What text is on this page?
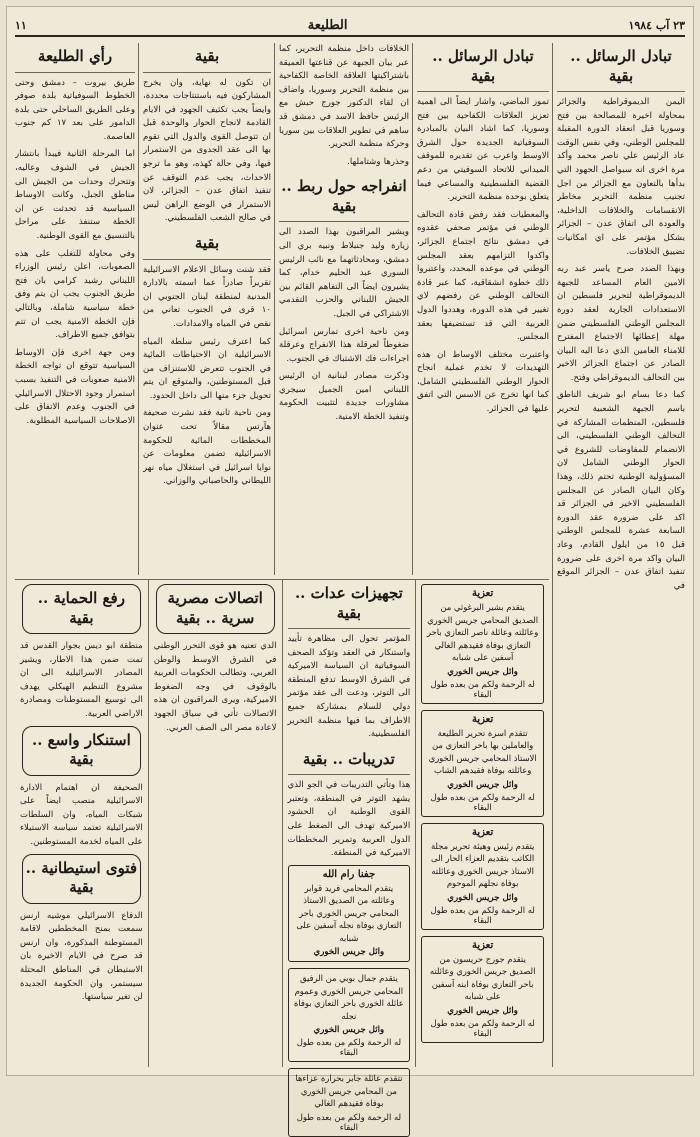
٢٣ آب ١٩٨٤
الطليعة
١١
تبادل الرسائل .. بقية

اليمن الديموقراطية والجزائر بمحاولة اخيرة للمصالحة بين فتح وسوريا قبل انعقاد الدورة المقبلة للمجلس الوطني، وفي نفس الوقت عاد الرئيس علي ناصر محمد وأكد مرة اخرى انه سيواصل الجهود التي بدأها بالتعاون مع الجزائر من اجل تجنيب منظمة التحرير مخاطر الانقسامات والخلافات الداخلية، والعودة الى اتفاق عدن – الجزائر بشكل مؤتمر على اي امكانيات تضييق الخلافات.

وبهذا الصدد صرح ياسر عبد ربه الامين العام المساعد للجبهة الديموقراطية لتحرير فلسطين ان الاستعدادات الجارية لعقد دورة المجلس الوطني الفلسطيني ضمن مهلة إعطائها الاجتماع المفترح للامناء العامين الذي دعا اليه البيان الصادر عن اجتماع الجزائر الاخير بين التحالف الديموقراطي وفتح.

كما دعا بسام ابو شريف الناطق باسم الجبهة الشعبية لتحرير فلسطين، المنظمات المشاركة في التحالف الوطني الفلسطيني، الى الانضمام للمفاوضات للشروع في الحوار الوطني الشامل لان المسؤولية الوطنية تحتم ذلك، وهذا وكان البيان الصادر عن المجلس الفلسطيني الاخير في الجزائر قد اكد على ضرورة عقد الدورة السابعة عشرة للمجلس الوطني قبل ١٥ من ايلول القادم، وعاد البيان واكد مرة اخرى على ضرورة تنفيذ اتفاق عدن – الجزائر الموقع في

تبادل الرسائل .. بقية

تموز الماضي، واشار ايضاً الى اهمية تعزيز العلاقات الكفاحية بين فتح وسوريا، كما اشاد البيان بالمبادرة السوفياتية الجديدة حول الشرق الاوسط واعرب عن تقديره للموقف الميداني للاتحاد السوفيتي من دعم القضية الفلسطينية والمساعي فيما يتعلق بوحدة منظمة التحرير.

والمعطيات فقد رفض قادة التحالف الوطني في مؤتمر صحفي عقدوه في دمشق نتائج اجتماع الجزائر، واكدوا التزامهم بعقد المجلس الوطني في موعده المحدد، واعتبروا ذلك خطوة انشقاقية، كما عبر قادة التحالف الوطني عن رفضهم لاي تغيير في هذه الدورة، وهددوا الدول العربية التي قد تستضيفها بعقد المجلس.

واعتبرت مختلف الاوساط ان هذه التهديدات لا تخدم عملية انجاح الحوار الوطني الفلسطيني الشامل، كما انها تخرج عن الاسس التي اتفق عليها في الجزائر.

الخلافات داخل منظمة التحرير، كما عبر بيان الجبهة عن قناعتها العميقة باشتراكيتها العلاقة الخاصة الكفاحية بين منظمة التحرير وسوريا، واضاف ان لقاء الدكتور جورج حبش مع الرئيس حافظ الاسد في دمشق قد ساهم في تطوير العلاقات بين سوريا وحركة منظمة التحرير.

وحذرها وشتاملها.

انفراجه حول ربط .. بقية

ويشير المراقبون بهذا الصدد الى زيارة وليد جنبلاط ونبيه بري الى دمشق، ومحادثاتهما مع نائب الرئيس السوري عبد الحليم خدام، كما يشيرون ايضاً الى التفاهم القائم بين الجيش اللبناني والحزب التقدمي الاشتراكي في الجبل.

ومن ناحية اخرى تمارس اسرائيل ضغوطاً لعرقلة هذا الانفراج وعرقلة اجراءات فك الاشتباك في الجنوب.

وذكرت مصادر لبنانية ان الرئيس اللبناني امين الجميل سيجري مشاورات جديدة لتثبيت الحكومة وتنفيذ الخطة الامنية.

بقية

ان تكون له نهاية، وان يخرج المشاركون فيه باستنتاجات محددة، وايضاً يجب تكثيف الجهود في الايام القادمة لانجاح الحوار والوحدة قبل ان تتوصل القوى والدول التي تقوم بها الى عقد الجدوى من الاستمرار فيها، وفي حالة كهذه، وهو ما ترجو الاحداث، يجب عدم التوقف عن تنفيذ اتفاق عدن – الجزائر، لان الاستمرار في الوضع الراهن ليس في صالح الشعب الفلسطيني.

بقية

فقد شنت وسائل الاعلام الاسرائيلية تقريراً صادراً عما اسمته بالادارة المدنية لمنطقة لبنان الجنوبي ان ١٠ قرى في الجنوب تعاني من نقص في المياه والامدادات.

كما اعترف رئيس سلطة المياه الاسرائيلية ان الاحتياطات المائية في الجنوب تتعرض للاستنزاف من قبل المستوطنين، والمتوقع ان يتم تحويل جزء منها الى داخل الحدود.

ومن ناحية ثانية فقد نشرت صحيفة هآرتس مقالاً تحت عنوان المخططات المائية للحكومة الاسرائيلية تضمن معلومات عن نوايا اسرائيل في استغلال مياه نهر الليطاني والحاصباني والوزاني.

رأي الطليعة

طريق بيروت – دمشق وحتى الخطوط السوفياتية بلدة صوفر وعلى الطريق الساحلي حتى بلدة الدامور على بعد ١٧ كم جنوب العاصمة.

اما المرحلة الثانية فيبدأ بانتشار الجيش في الشوف وعاليه، وتتحرك وحدات من الجيش الى مناطق الجبل، وكانت الاوساط السياسية قد تحدثت عن ان الخطة ستنفذ على مراحل بالتنسيق مع القوى الوطنية.

وفي محاولة للتغلب على هذه الصعوبات، اعلن رئيس الوزراء اللبناني رشيد كرامي بان فتح طريق الجنوب يجب ان يتم وفق خطة سياسية شاملة، وبالتالي فإن الخطة الامنية يجب ان تتم بتوافق جميع الاطراف.

ومن جهة اخرى فإن الاوساط السياسية تتوقع ان تواجه الخطة الامنية صعوبات في التنفيذ بسبب استمرار وجود الاحتلال الاسرائيلي في الجنوب وعدم الاتفاق على الاصلاحات السياسية المطلوبة.

تعزية
يتقدم بشير البرغوثي من الصديق المحامي جريس الخوري وعائلته وعائلة ناصر التعازي باحر التعازي بوفاة فقيدهم الغالي آسفين على شبابه
وائل جريس الخوري
له الرحمة ولكم من بعده طول البقاء
تعزية
تتقدم اسرة تحرير الطليعة والعاملين بها باحر التعازي من الاستاذ المحامي جريس الخوري وعائلته بوفاة فقيدهم الشاب
وائل جريس الخوري
له الرحمة ولكم من بعده طول البقاء
تعزية
يتقدم رئيس وهيئة تحرير مجلة الكاتب بتقديم العزاء الحار الى الاستاذ جريس الخوري وعائلته بوفاة نجلهم الموحوم
وائل جريس الخوري
له الرحمة ولكم من بعده طول البقاء
تعزية
يتقدم جورج حريسون من الصديق جريس الخوري وعائلته باحر التعازي بوفاة ابنه آسفين على شبابه
وائل جريس الخوري
له الرحمة ولكم من بعده طول البقاء
تجهيزات عدات .. بقية

المؤتمر تحول الى مظاهرة تأييد واستنكار في العقد وتؤكد الصحف السوفياتية ان السياسة الاميركية في الشرق الاوسط تدفع المنطقة الى التوتر، ودعت الى عقد مؤتمر دولي للسلام بمشاركة جميع الاطراف بما فيها منظمة التحرير الفلسطينية.

تدريبات .. بقية

هذا وتأتي التدريبات في الجو الذي يشهد التوتر في المنطقة، وتعتبر القوى الوطنية ان الحشود الاميركية تهدف الى الضغط على الدول العربية وتمرير المخططات الاميركية في المنطقة.

جفنا رام الله
يتقدم المحامي فريد قوابر وعائلته من الصديق الاستاذ المحامي جريس الخوري باحر التعازي بوفاة نجله آسفين على شبابه
وائل جريس الخوري
يتقدم جمال بوبي من الرفيق المحامي جريس الخوري وعموم عائلة الخوري باحر التعازي بوفاة نجله
وائل جريس الخوري
له الرحمة ولكم من بعده طول البقاء
تتقدم عائلة جابر بحرارة عزاءها من المحامي جريس الخوري بوفاة فقيدهم الغالي
له الرحمة ولكم من بعده طول البقاء
اتصالات مصرية سرية .. بقية

الدي تعنيه هو قوى التحرر الوطني في الشرق الاوسط والوطن العربي، وتطالب الحكومات العربية بالوقوف في وجه الضغوط الاميركية، ويرى المراقبون ان هذه الاتصالات تأتي في سياق الجهود لاعادة مصر الى الصف العربي.

رفع الحماية .. بقية

منطقة ابو ديس بجوار القدس قد تمت ضمن هذا الاطار، ويشير المصادر الاسرائيلية الى ان مشروع التنظيم الهيكلي يهدف الى توسيع المستوطنات ومصادرة الاراضي العربية.

استنكار واسع .. بقية

الصحيفة ان اهتمام الادارة الاسرائيلية منصب ايضاً على شبكات المياه، وان السلطات الاسرائيلية تعتمد سياسة الاستيلاء على المياه لخدمة المستوطنين.

فتوى استيطانية .. بقية

الدفاع الاسرائيلي موشيه ارنس سمعت بمنح المخططين لاقامة المستوطنة المذكورة، وان ارنس قد صرح في الايام الاخيرة بان الاستيطان في المناطق المحتلة سيستمر، وان الحكومة الجديدة لن تغير سياستها.
